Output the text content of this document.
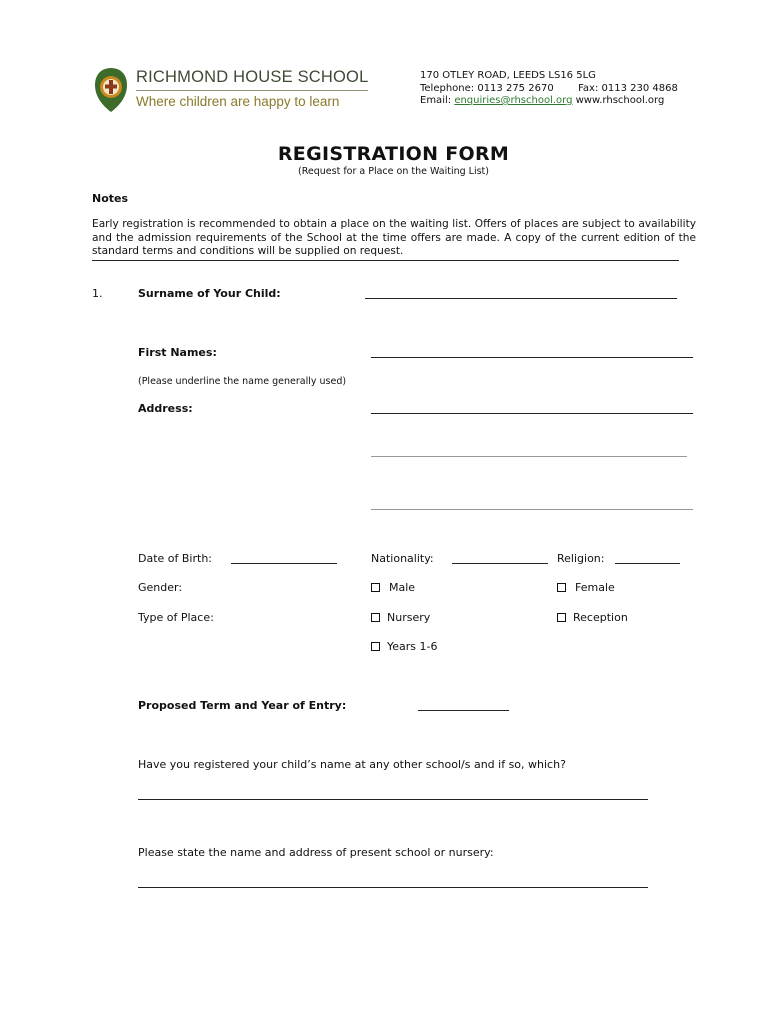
RICHMOND HOUSE SCHOOL
Where children are happy to learn
170 OTLEY ROAD, LEEDS LS16 5LG
Telephone: 0113 275 2670 Fax: 0113 230 4868
Email: enquiries@rhschool.org www.rhschool.org
REGISTRATION FORM
(Request for a Place on the Waiting List)
Notes
Early registration is recommended to obtain a place on the waiting list. Offers of places are subject to availability and the admission requirements of the School at the time offers are made. A copy of the current edition of the standard terms and conditions will be supplied on request.
1.	Surname of Your Child:
First Names:
(Please underline the name generally used)
Address:
Date of Birth:	Nationality:	Religion:
Gender:	Male	Female
Type of Place:	Nursery	Reception
Years 1-6
Proposed Term and Year of Entry:
Have you registered your child’s name at any other school/s and if so, which?
Please state the name and address of present school or nursery:
